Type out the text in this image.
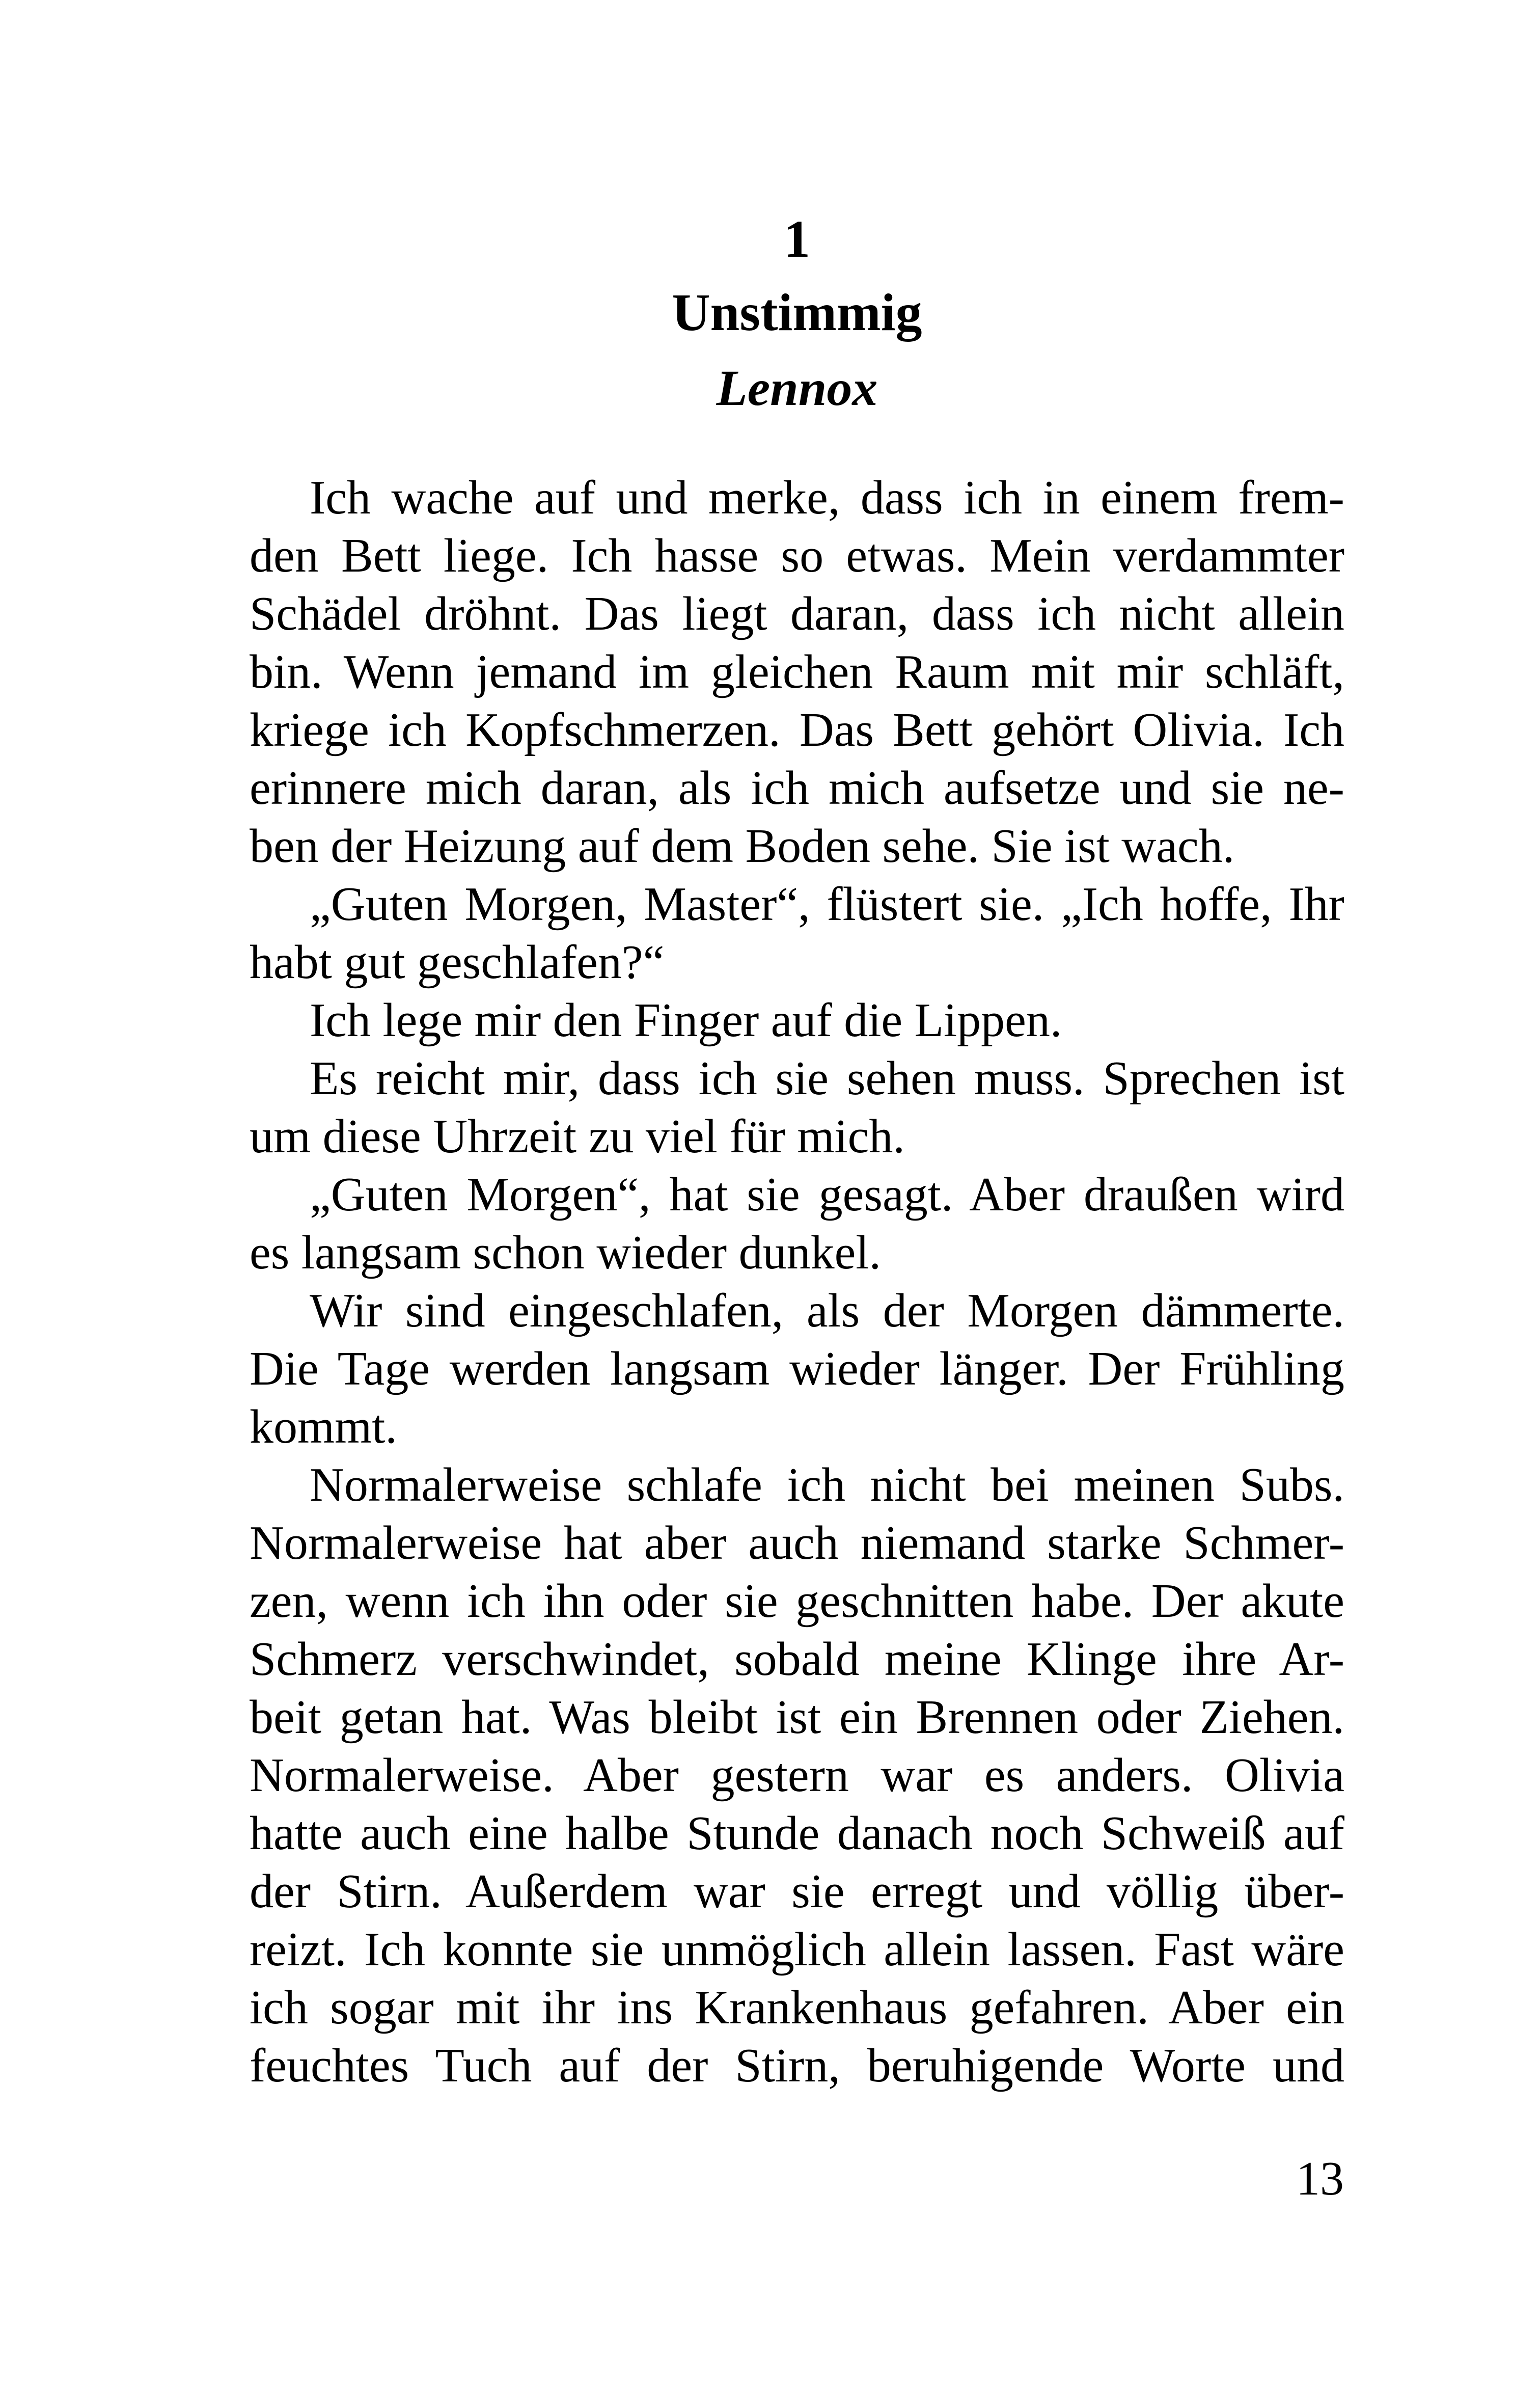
1
Unstimmig
Lennox
Ich wache auf und merke, dass ich in einem frem-
den Bett liege. Ich hasse so etwas. Mein verdammter
Schädel dröhnt. Das liegt daran, dass ich nicht allein
bin. Wenn jemand im gleichen Raum mit mir schläft,
kriege ich Kopfschmerzen. Das Bett gehört Olivia. Ich
erinnere mich daran, als ich mich aufsetze und sie ne-
ben der Heizung auf dem Boden sehe. Sie ist wach.
„Guten Morgen, Master“, flüstert sie. „Ich hoffe, Ihr
habt gut geschlafen?“
Ich lege mir den Finger auf die Lippen.
Es reicht mir, dass ich sie sehen muss. Sprechen ist
um diese Uhrzeit zu viel für mich.
„Guten Morgen“, hat sie gesagt. Aber draußen wird
es langsam schon wieder dunkel.
Wir sind eingeschlafen, als der Morgen dämmerte.
Die Tage werden langsam wieder länger. Der Frühling
kommt.
Normalerweise schlafe ich nicht bei meinen Subs.
Normalerweise hat aber auch niemand starke Schmer-
zen, wenn ich ihn oder sie geschnitten habe. Der akute
Schmerz verschwindet, sobald meine Klinge ihre Ar-
beit getan hat. Was bleibt ist ein Brennen oder Ziehen.
Normalerweise. Aber gestern war es anders. Olivia
hatte auch eine halbe Stunde danach noch Schweiß auf
der Stirn. Außerdem war sie erregt und völlig über-
reizt. Ich konnte sie unmöglich allein lassen. Fast wäre
ich sogar mit ihr ins Krankenhaus gefahren. Aber ein
feuchtes Tuch auf der Stirn, beruhigende Worte und

13
